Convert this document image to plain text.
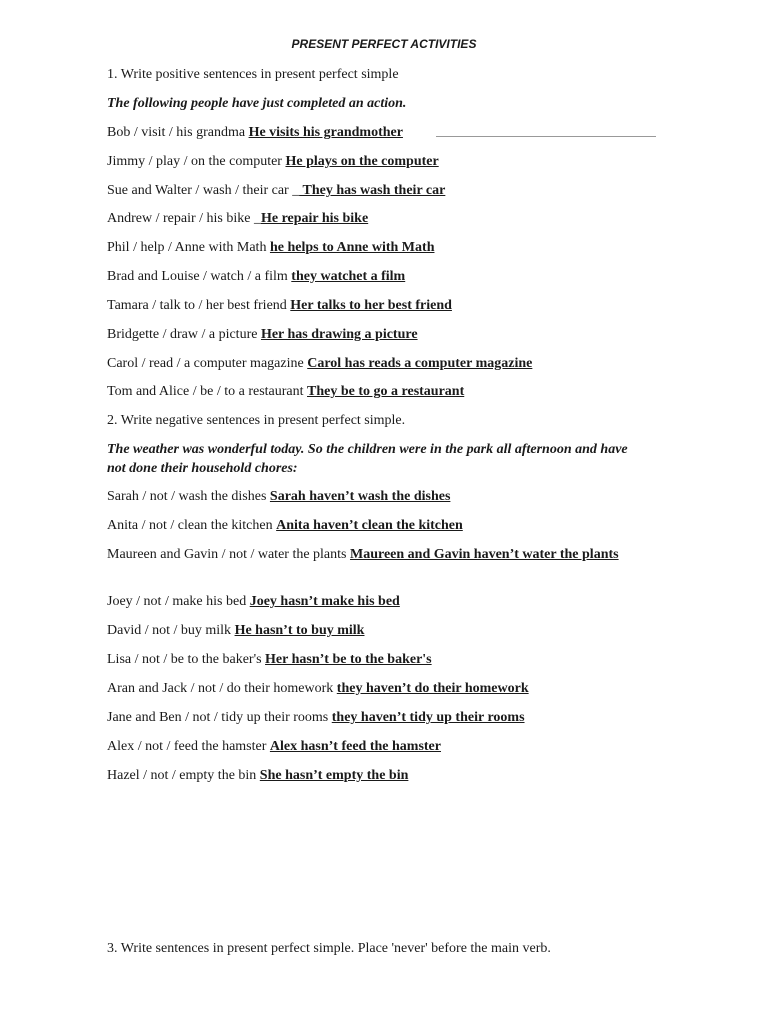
PRESENT PERFECT ACTIVITIES
1. Write positive sentences in present perfect simple
The following people have just completed an action.
Bob / visit / his grandma He visits his grandmother
Jimmy / play / on the computer He plays on the computer
Sue and Walter / wash / their car _ They has wash their car
Andrew / repair / his bike _He repair his bike
Phil / help / Anne with Math he helps to Anne with Math
Brad and Louise / watch / a film they watchet a film
Tamara / talk to / her best friend Her talks to her best friend
Bridgette / draw / a picture Her has drawing a picture
Carol / read / a computer magazine Carol has reads a computer magazine
Tom and Alice / be / to a restaurant They be to go a restaurant
2. Write negative sentences in present perfect simple.
The weather was wonderful today. So the children were in the park all afternoon and have not done their household chores:
Sarah / not / wash the dishes Sarah haven’t wash the dishes
Anita / not / clean the kitchen Anita haven’t clean the kitchen
Maureen and Gavin / not / water the plants Maureen and Gavin haven’t water the plants
Joey / not / make his bed Joey hasn’t make his bed
David / not / buy milk He hasn’t to buy milk
Lisa / not / be to the baker's Her hasn’t be to the baker's
Aran and Jack / not / do their homework they haven’t do their homework
Jane and Ben / not / tidy up their rooms they haven’t tidy up their rooms
Alex / not / feed the hamster Alex hasn’t feed the hamster
Hazel / not / empty the bin She hasn’t empty the bin
3. Write sentences in present perfect simple. Place 'never' before the main verb.
